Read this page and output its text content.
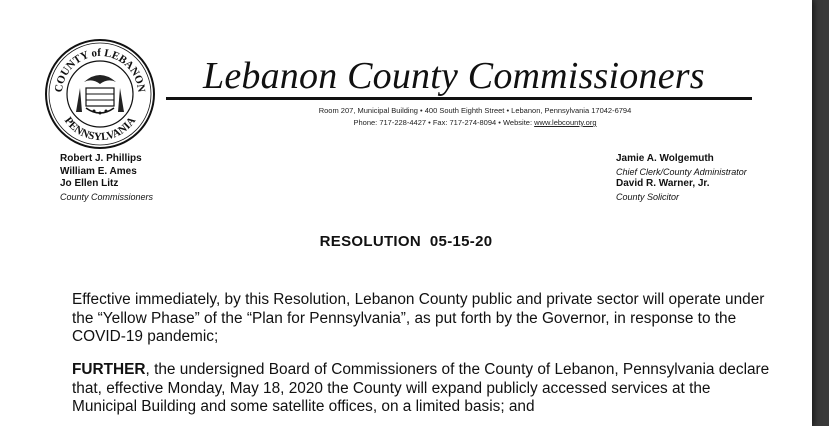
COUNTY of LEBANON
PENNSYLVANIA
Lebanon County Commissioners
Room 207, Municipal Building • 400 South Eighth Street • Lebanon, Pennsylvania 17042-6794
Phone: 717-228-4427 • Fax: 717-274-8094 • Website: www.lebcounty.org
Robert J. Phillips
William E. Ames
Jo Ellen Litz
County Commissioners
Jamie A. Wolgemuth
Chief Clerk/County Administrator
David R. Warner, Jr.
County Solicitor
RESOLUTION  05-15-20
Effective immediately, by this Resolution, Lebanon County public and private sector will operate under the “Yellow Phase” of the “Plan for Pennsylvania”, as put forth by the Governor, in response to the COVID-19 pandemic;
FURTHER, the undersigned Board of Commissioners of the County of Lebanon, Pennsylvania declare that, effective Monday, May 18, 2020 the County will expand publicly accessed services at the Municipal Building and some satellite offices, on a limited basis; and
